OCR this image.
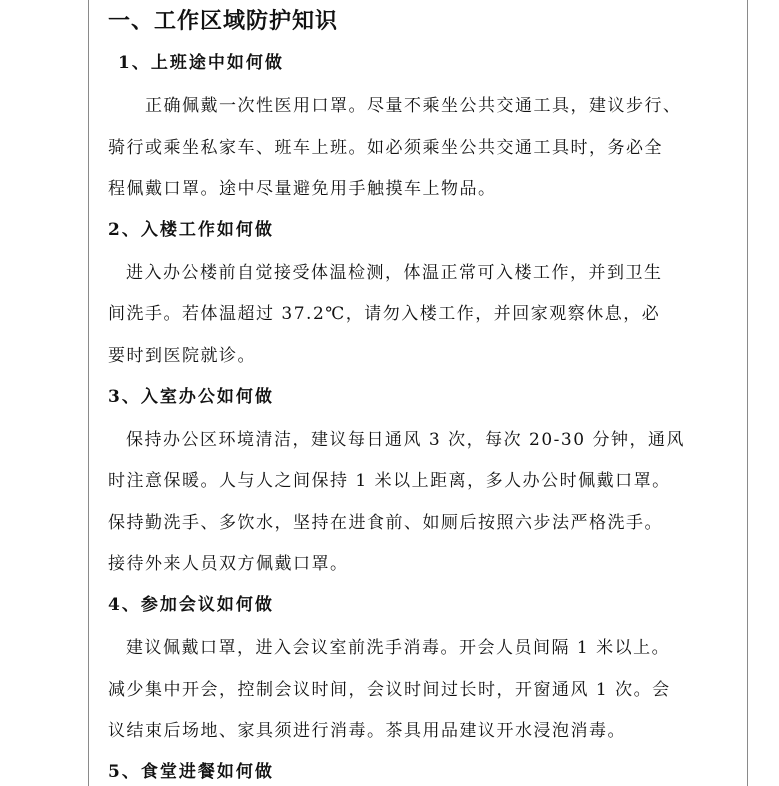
一、工作区域防护知识
1、上班途中如何做
正确佩戴一次性医用口罩。尽量不乘坐公共交通工具，建议步行、
骑行或乘坐私家车、班车上班。如必须乘坐公共交通工具时，务必全
程佩戴口罩。途中尽量避免用手触摸车上物品。
2、入楼工作如何做
进入办公楼前自觉接受体温检测，体温正常可入楼工作，并到卫生
间洗手。若体温超过 37.2℃，请勿入楼工作，并回家观察休息，必
要时到医院就诊。
3、入室办公如何做
保持办公区环境清洁，建议每日通风 3 次，每次 20-30 分钟，通风
时注意保暖。人与人之间保持 1 米以上距离，多人办公时佩戴口罩。
保持勤洗手、多饮水，坚持在进食前、如厕后按照六步法严格洗手。
接待外来人员双方佩戴口罩。
4、参加会议如何做
建议佩戴口罩，进入会议室前洗手消毒。开会人员间隔 1 米以上。
减少集中开会，控制会议时间，会议时间过长时，开窗通风 1 次。会
议结束后场地、家具须进行消毒。茶具用品建议开水浸泡消毒。
5、食堂进餐如何做
